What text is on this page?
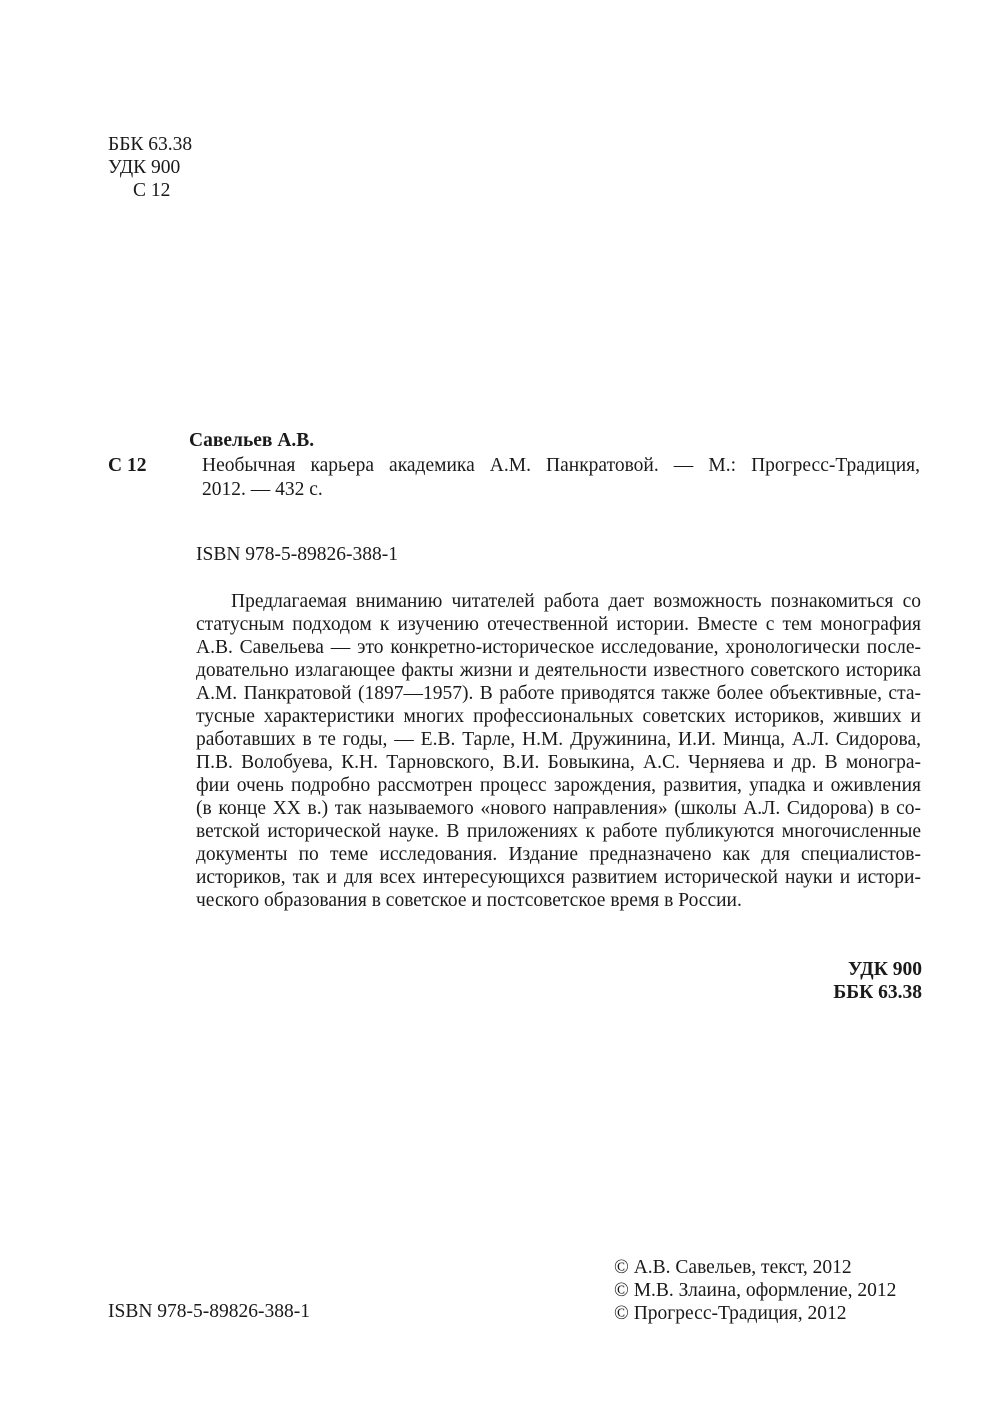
ББК 63.38
УДК 900
С 12
Савельев А.В.
С 12	Необычная карьера академика А.М. Панкратовой. — М.: Прогресс-Традиция,
2012. — 432 с.
ISBN 978-5-89826-388-1
Предлагаемая вниманию читателей работа дает возможность познакомиться со
статусным подходом к изучению отечественной истории. Вместе с тем монография
А.В. Савельева — это конкретно-историческое исследование, хронологически после-
довательно излагающее факты жизни и деятельности известного советского историка
А.М. Панкратовой (1897—1957). В работе приводятся также более объективные, ста-
тусные характеристики многих профессиональных советских историков, живших и
работавших в те годы, — Е.В. Тарле, Н.М. Дружинина, И.И. Минца, А.Л. Сидорова,
П.В. Волобуева, К.Н. Тарновского, В.И. Бовыкина, А.С. Черняева и др. В моногра-
фии очень подробно рассмотрен процесс зарождения, развития, упадка и оживления
(в конце XX в.) так называемого «нового направления» (школы А.Л. Сидорова) в со-
ветской исторической науке. В приложениях к работе публикуются многочисленные
документы по теме исследования. Издание предназначено как для специалистов-
историков, так и для всех интересующихся развитием исторической науки и истори-
ческого образования в советское и постсоветское время в России.
УДК 900
ББК 63.38
ISBN 978-5-89826-388-1
© А.В. Савельев, текст, 2012
© М.В. Злаина, оформление, 2012
© Прогресс-Традиция, 2012
